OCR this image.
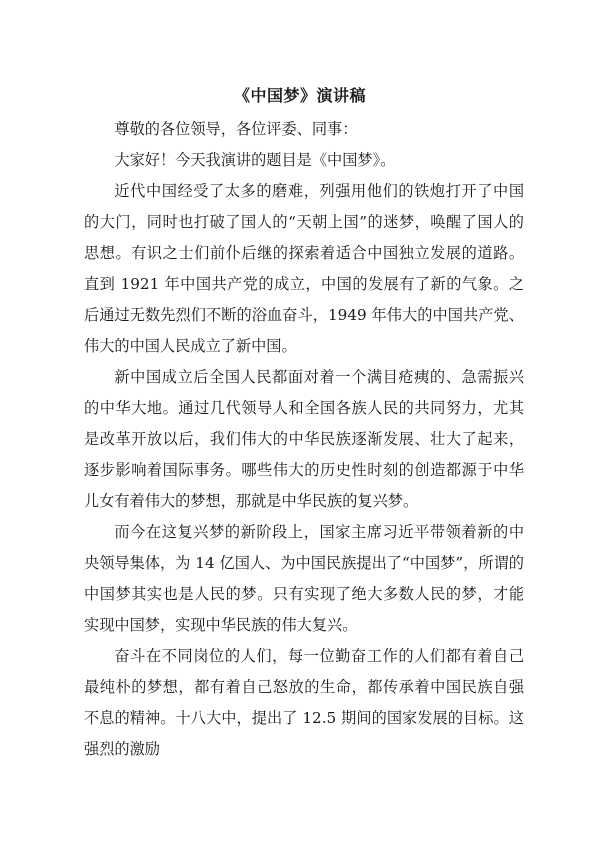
《中国梦》演讲稿

尊敬的各位领导，各位评委、同事：

大家好！今天我演讲的题目是《中国梦》。

近代中国经受了太多的磨难，列强用他们的铁炮打开了中国的大门，同时也打破了国人的“天朝上国”的迷梦，唤醒了国人的思想。有识之士们前仆后继的探索着适合中国独立发展的道路。直到 1921 年中国共产党的成立，中国的发展有了新的气象。之后通过无数先烈们不断的浴血奋斗，1949 年伟大的中国共产党、伟大的中国人民成立了新中国。

新中国成立后全国人民都面对着一个满目疮痍的、急需振兴的中华大地。通过几代领导人和全国各族人民的共同努力，尤其是改革开放以后，我们伟大的中华民族逐渐发展、壮大了起来，逐步影响着国际事务。哪些伟大的历史性时刻的创造都源于中华儿女有着伟大的梦想，那就是中华民族的复兴梦。

而今在这复兴梦的新阶段上，国家主席习近平带领着新的中央领导集体，为 14 亿国人、为中国民族提出了“中国梦”，所谓的中国梦其实也是人民的梦。只有实现了绝大多数人民的梦，才能实现中国梦，实现中华民族的伟大复兴。

奋斗在不同岗位的人们，每一位勤奋工作的人们都有着自己最纯朴的梦想，都有着自己怒放的生命，都传承着中国民族自强不息的精神。十八大中，提出了 12.5 期间的国家发展的目标。这强烈的激励
